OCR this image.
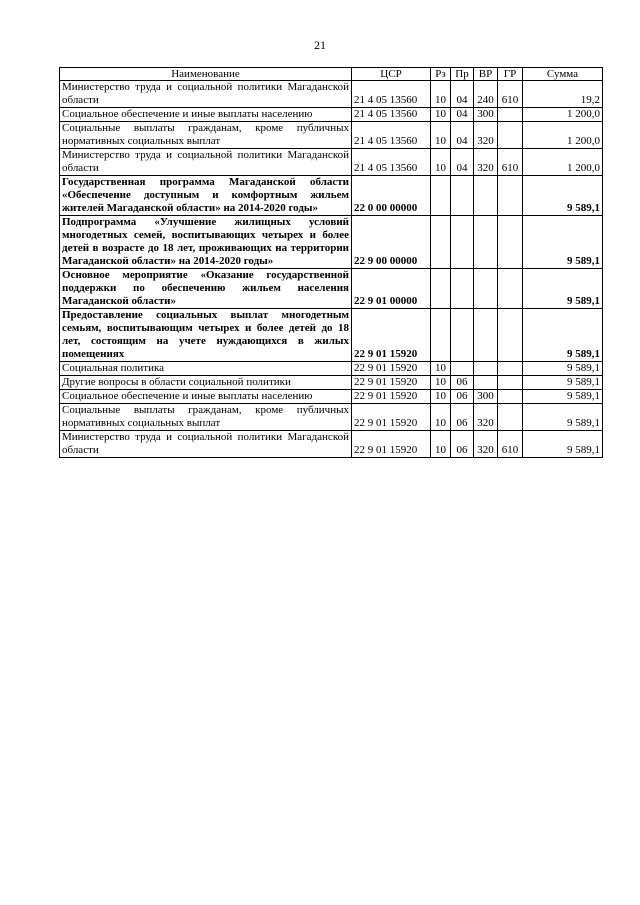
21
Наименование	ЦСР	Рз	Пр	ВР	ГР	Сумма
Министерство труда и социальной политики Магаданской области	21 4 05 13560	10	04	240	610	19,2
Социальное обеспечение и иные выплаты населению	21 4 05 13560	10	04	300		1 200,0
Социальные выплаты гражданам, кроме публичных нормативных социальных выплат	21 4 05 13560	10	04	320		1 200,0
Министерство труда и социальной политики Магаданской области	21 4 05 13560	10	04	320	610	1 200,0
Государственная программа Магаданской области «Обеспечение доступным и комфортным жильем жителей Магаданской области» на 2014-2020 годы»	22 0 00 00000					9 589,1
Подпрограмма «Улучшение жилищных условий многодетных семей, воспитывающих четырех и более детей в возрасте до 18 лет, проживающих на территории Магаданской области» на 2014-2020 годы»	22 9 00 00000					9 589,1
Основное мероприятие «Оказание государственной поддержки по обеспечению жильем населения Магаданской области»	22 9 01 00000					9 589,1
Предоставление социальных выплат многодетным семьям, воспитывающим четырех и более детей до 18 лет, состоящим на учете нуждающихся в жилых помещениях	22 9 01 15920					9 589,1
Социальная политика	22 9 01 15920	10				9 589,1
Другие вопросы в области социальной политики	22 9 01 15920	10	06			9 589,1
Социальное обеспечение и иные выплаты населению	22 9 01 15920	10	06	300		9 589,1
Социальные выплаты гражданам, кроме публичных нормативных социальных выплат	22 9 01 15920	10	06	320		9 589,1
Министерство труда и социальной политики Магаданской области	22 9 01 15920	10	06	320	610	9 589,1
